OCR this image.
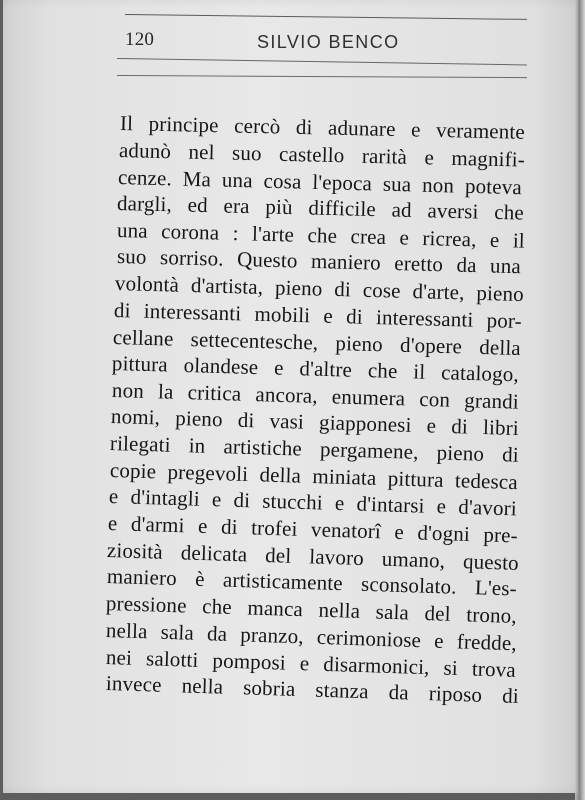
120	SILVIO BENCO
Il principe cercò di adunare e veramente
adunò nel suo castello rarità e magnifi-
cenze. Ma una cosa l'epoca sua non poteva
dargli, ed era più difficile ad aversi che
una corona : l'arte che crea e ricrea, e il
suo sorriso. Questo maniero eretto da una
volontà d'artista, pieno di cose d'arte, pieno
di interessanti mobili e di interessanti por-
cellane settecentesche, pieno d'opere della
pittura olandese e d'altre che il catalogo,
non la critica ancora, enumera con grandi
nomi, pieno di vasi giapponesi e di libri
rilegati in artistiche pergamene, pieno di
copie pregevoli della miniata pittura tedesca
e d'intagli e di stucchi e d'intarsi e d'avori
e d'armi e di trofei venatorî e d'ogni pre-
ziosità delicata del lavoro umano, questo
maniero è artisticamente sconsolato. L'es-
pressione che manca nella sala del trono,
nella sala da pranzo, cerimoniose e fredde,
nei salotti pomposi e disarmonici, si trova
invece nella sobria stanza da riposo di
